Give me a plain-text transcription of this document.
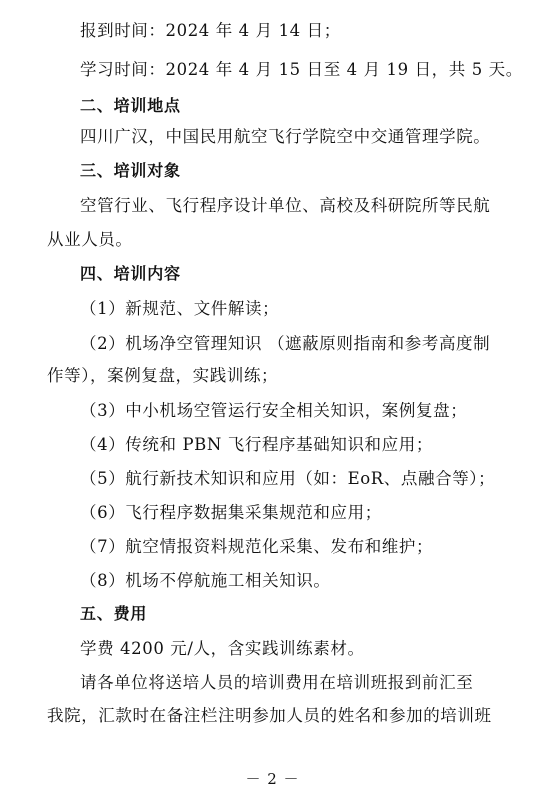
报到时间：2024 年 4 月 14 日；
学习时间：2024 年 4 月 15 日至 4 月 19 日，共 5 天。
二、培训地点
四川广汉，中国民用航空飞行学院空中交通管理学院。
三、培训对象
空管行业、飞行程序设计单位、高校及科研院所等民航
从业人员。
四、培训内容
（1）新规范、文件解读；
（2）机场净空管理知识 （遮蔽原则指南和参考高度制
作等），案例复盘，实践训练；
（3）中小机场空管运行安全相关知识，案例复盘；
（4）传统和 PBN 飞行程序基础知识和应用；
（5）航行新技术知识和应用（如：EoR、点融合等）；
（6）飞行程序数据集采集规范和应用；
（7）航空情报资料规范化采集、发布和维护；
（8）机场不停航施工相关知识。
五、费用
学费 4200 元/人，含实践训练素材。
请各单位将送培人员的培训费用在培训班报到前汇至
我院，汇款时在备注栏注明参加人员的姓名和参加的培训班
－ 2 －
